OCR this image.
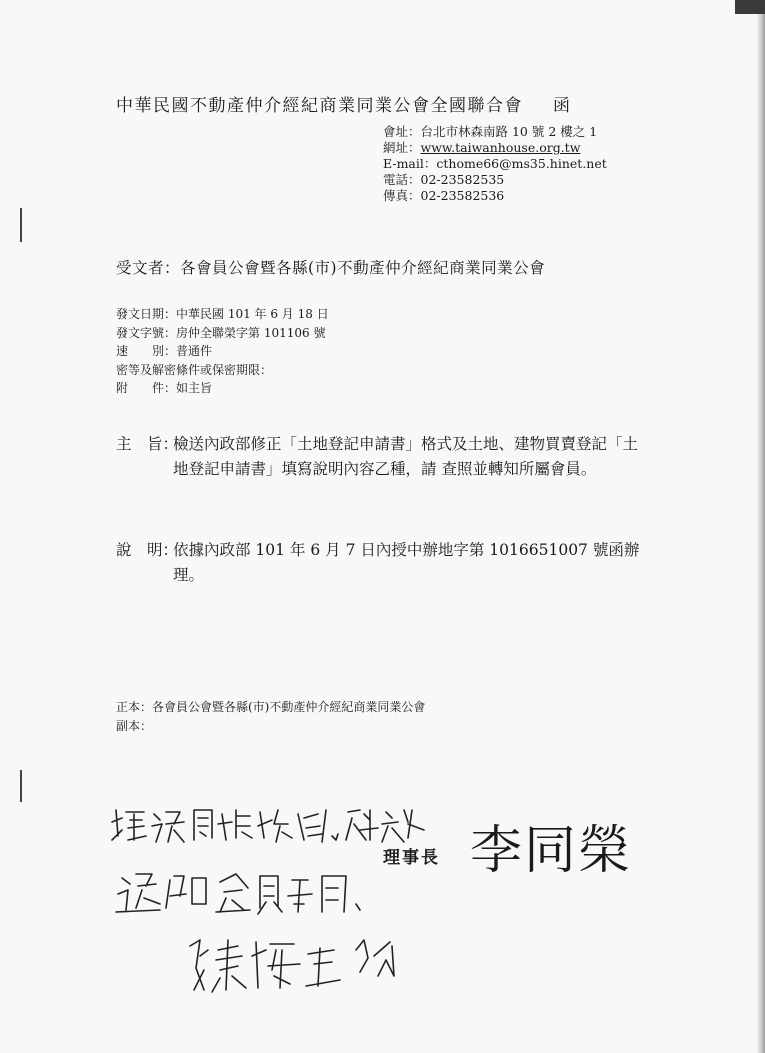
中華民國不動產仲介經紀商業同業公會全國聯合會 函
會址：台北市林森南路 10 號 2 樓之 1
網址：www.taiwanhouse.org.tw
E-mail：cthome66@ms35.hinet.net
電話：02-23582535
傳真：02-23582536
受文者：各會員公會暨各縣(市)不動產仲介經紀商業同業公會
發文日期：中華民國 101 年 6 月 18 日
發文字號：房仲全聯榮字第 101106 號
速　　別：普通件
密等及解密條件或保密期限：
附　　件：如主旨
主　旨：
檢送內政部修正「土地登記申請書」格式及土地、建物買賣登記「土地登記申請書」填寫說明內容乙種，請 查照並轉知所屬會員。
說　明：
依據內政部 101 年 6 月 7 日內授中辦地字第 1016651007 號函辦理。
正本：各會員公會暨各縣(市)不動產仲介經紀商業同業公會
副本：
理事長 李同榮
